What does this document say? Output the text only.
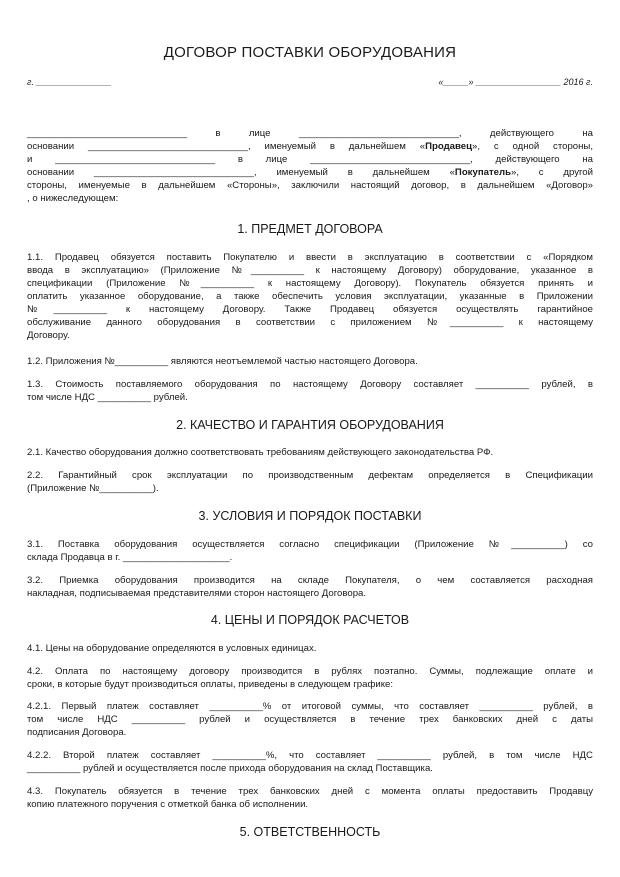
ДОГОВОР ПОСТАВКИ ОБОРУДОВАНИЯ
г. _______________	«_____» _________________ 2016 г.
______________________________ в лице ______________________________, действующего на
основании ______________________________, именуемый в дальнейшем «Продавец», с одной стороны,
и ______________________________ в лице ______________________________, действующего на
основании ______________________________, именуемый в дальнейшем «Покупатель», с другой
стороны, именуемые в дальнейшем «Стороны», заключили настоящий договор, в дальнейшем «Договор»
, о нижеследующем:
1. ПРЕДМЕТ ДОГОВОРА
1.1. Продавец обязуется поставить Покупателю и ввести в эксплуатацию в соответствии с «Порядком
ввода в эксплуатацию» (Приложение №__________ к настоящему Договору) оборудование, указанное в
спецификации (Приложение №__________ к настоящему Договору). Покупатель обязуется принять и
оплатить указанное оборудование, а также обеспечить условия эксплуатации, указанные в Приложении
№__________ к настоящему Договору. Также Продавец обязуется осуществлять гарантийное
обслуживание данного оборудования в соответствии с приложением №__________ к настоящему
Договору.
1.2. Приложения №__________ являются неотъемлемой частью настоящего Договора.
1.3. Стоимость поставляемого оборудования по настоящему Договору составляет __________ рублей, в
том числе НДС __________ рублей.
2. КАЧЕСТВО И ГАРАНТИЯ ОБОРУДОВАНИЯ
2.1. Качество оборудования должно соответствовать требованиям действующего законодательства РФ.
2.2. Гарантийный срок эксплуатации по производственным дефектам определяется в Спецификации
(Приложение №__________).
3. УСЛОВИЯ И ПОРЯДОК ПОСТАВКИ
3.1. Поставка оборудования осуществляется согласно спецификации (Приложение №__________) со
склада Продавца в г. ____________________.
3.2. Приемка оборудования производится на складе Покупателя, о чем составляется расходная
накладная, подписываемая представителями сторон настоящего Договора.
4. ЦЕНЫ И ПОРЯДОК РАСЧЕТОВ
4.1. Цены на оборудование определяются в условных единицах.
4.2. Оплата по настоящему договору производится в рублях поэтапно. Суммы, подлежащие оплате и
сроки, в которые будут производиться оплаты, приведены в следующем графике:
4.2.1. Первый платеж составляет __________% от итоговой суммы, что составляет __________ рублей, в
том числе НДС __________ рублей и осуществляется в течение трех банковских дней с даты
подписания Договора.
4.2.2. Второй платеж составляет __________%, что составляет __________ рублей, в том числе НДС
__________ рублей и осуществляется после прихода оборудования на склад Поставщика.
4.3. Покупатель обязуется в течение трех банковских дней с момента оплаты предоставить Продавцу
копию платежного поручения с отметкой банка об исполнении.
5. ОТВЕТСТВЕННОСТЬ
